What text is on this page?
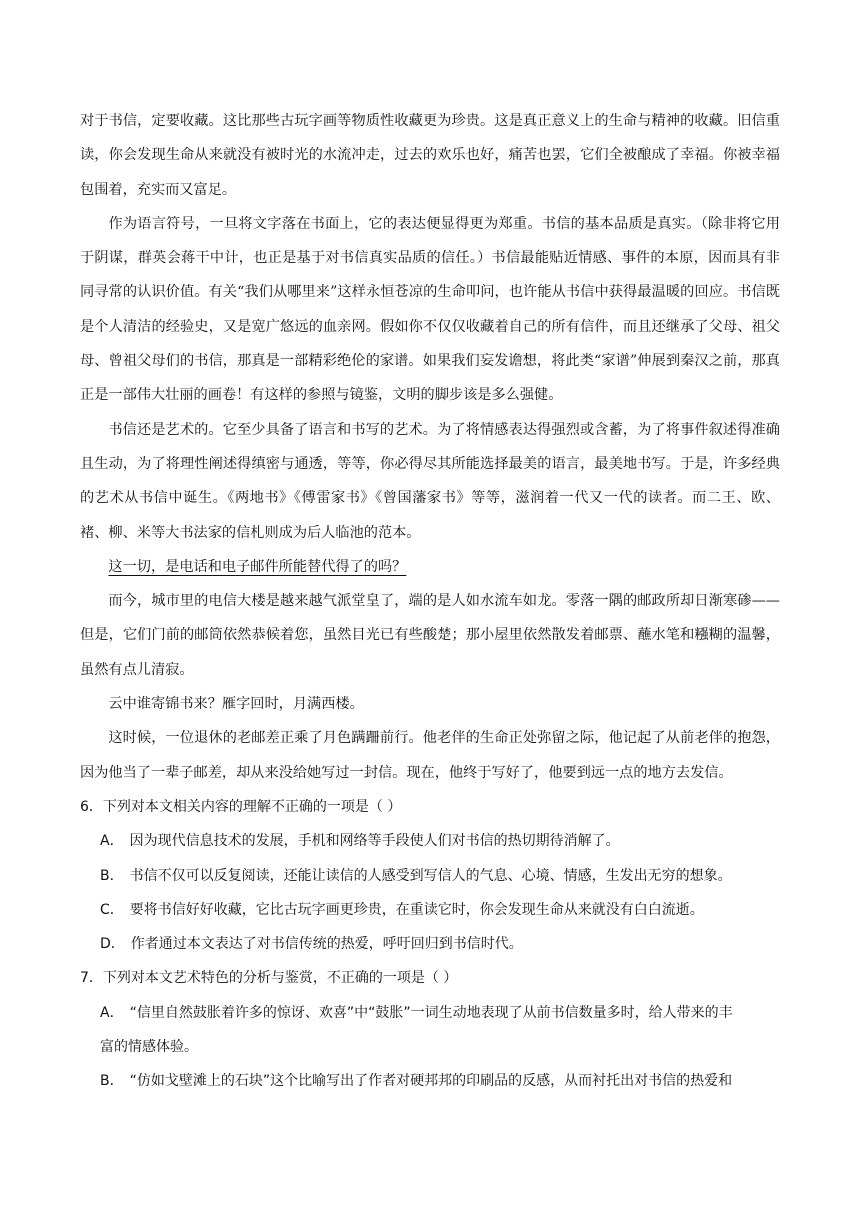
对于书信，定要收藏。这比那些古玩字画等物质性收藏更为珍贵。这是真正意义上的生命与精神的收藏。旧信重读，你会发现生命从来就没有被时光的水流冲走，过去的欢乐也好，痛苦也罢，它们全被酿成了幸福。你被幸福包围着，充实而又富足。

作为语言符号，一旦将文字落在书面上，它的表达便显得更为郑重。书信的基本品质是真实。（除非将它用于阴谋，群英会蒋干中计，也正是基于对书信真实品质的信任。）书信最能贴近情感、事件的本原，因而具有非同寻常的认识价值。有关“我们从哪里来”这样永恒苍凉的生命叩问，也许能从书信中获得最温暖的回应。书信既是个人清洁的经验史，又是宽广悠远的血亲网。假如你不仅仅收藏着自己的所有信件，而且还继承了父母、祖父母、曾祖父母们的书信，那真是一部精彩绝伦的家谱。如果我们妄发谵想，将此类“家谱”伸展到秦汉之前，那真正是一部伟大壮丽的画卷！有这样的参照与镜鉴，文明的脚步该是多么强健。

书信还是艺术的。它至少具备了语言和书写的艺术。为了将情感表达得强烈或含蓄，为了将事件叙述得准确且生动，为了将理性阐述得缜密与通透，等等，你必得尽其所能选择最美的语言，最美地书写。于是，许多经典的艺术从书信中诞生。《两地书》《傅雷家书》《曾国藩家书》等等，滋润着一代又一代的读者。而二王、欧、褚、柳、米等大书法家的信札则成为后人临池的范本。

这一切，是电话和电子邮件所能替代得了的吗？

而今，城市里的电信大楼是越来越气派堂皇了，端的是人如水流车如龙。零落一隅的邮政所却日渐寒碜——但是，它们门前的邮筒依然恭候着您，虽然目光已有些酸楚；那小屋里依然散发着邮票、蘸水笔和糨糊的温馨，虽然有点儿清寂。

云中谁寄锦书来？雁字回时，月满西楼。

这时候，一位退休的老邮差正乘了月色蹒跚前行。他老伴的生命正处弥留之际，他记起了从前老伴的抱怨，因为他当了一辈子邮差，却从来没给她写过一封信。现在，他终于写好了，他要到远一点的地方去发信。

6．下列对本文相关内容的理解不正确的一项是（ ）

A． 因为现代信息技术的发展，手机和网络等手段使人们对书信的热切期待消解了。

B． 书信不仅可以反复阅读，还能让读信的人感受到写信人的气息、心境、情感，生发出无穷的想象。

C． 要将书信好好收藏，它比古玩字画更珍贵，在重读它时，你会发现生命从来就没有白白流逝。

D． 作者通过本文表达了对书信传统的热爱，呼吁回归到书信时代。

7．下列对本文艺术特色的分析与鉴赏，不正确的一项是（ ）

A． “信里自然鼓胀着许多的惊讶、欢喜”中“鼓胀”一词生动地表现了从前书信数量多时，给人带来的丰

富的情感体验。

B． “仿如戈壁滩上的石块”这个比喻写出了作者对硬邦邦的印刷品的反感，从而衬托出对书信的热爱和
